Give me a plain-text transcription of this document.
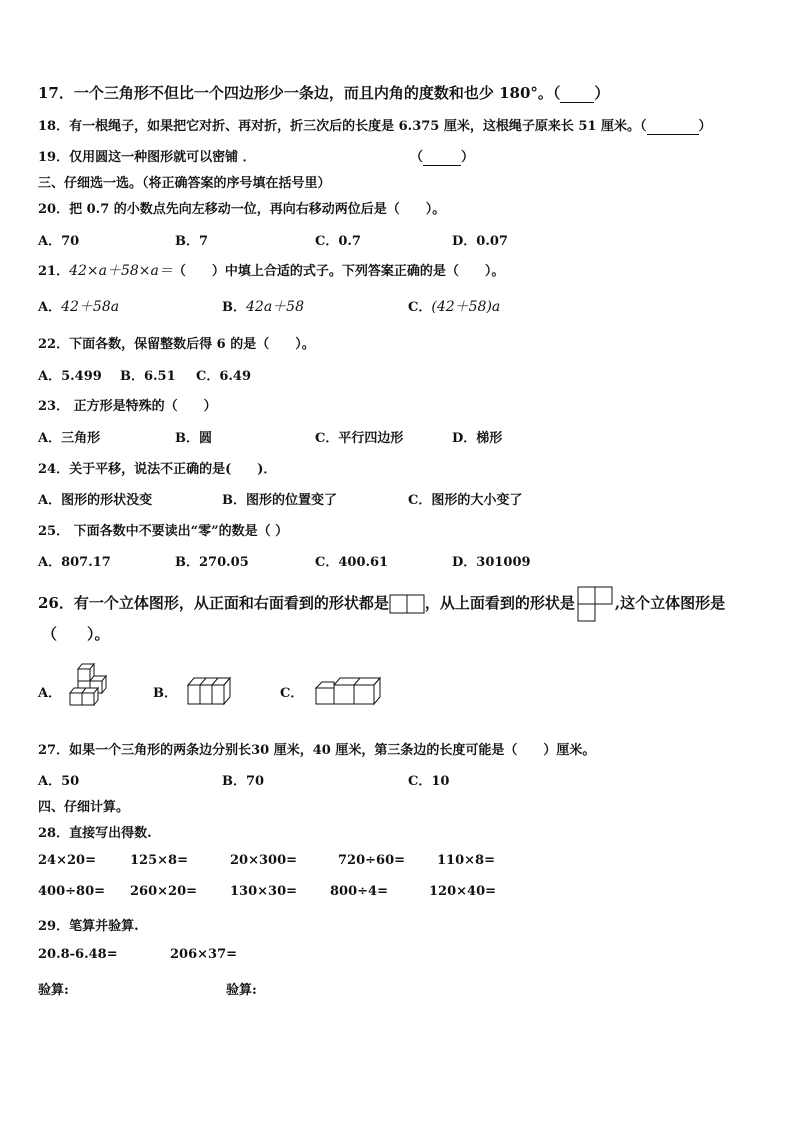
17．一个三角形不但比一个四边形少一条边，而且内角的度数和也少 180°。（ ）
18．有一根绳子，如果把它对折、再对折，折三次后的长度是 6.375 厘米，这根绳子原来长 51 厘米。（	）
19．仅用圆这一种图形就可以密铺 ．	（	）
三、仔细选一选。（将正确答案的序号填在括号里）
20．把 0.7 的小数点先向左移动一位，再向右移动两位后是（　　）。
A．70	B．7	C．0.7	D．0.07
21．42×a＋58×a＝（　　）中填上合适的式子。下列答案正确的是（　　）。
A．42＋58a	B．42a＋58	C．(42＋58)a
22．下面各数，保留整数后得 6 的是（　　）。
A．5.499 B．6.51 C．6.49
23． 正方形是特殊的（　　）
A．三角形	B．圆	C．平行四边形	D．梯形
24．关于平移，说法不正确的是(　　)．
A．图形的形状没变	B．图形的位置变了	C．图形的大小变了
25． 下面各数中不要读出“零”的数是（ ）
A．807.17	B．270.05	C．400.61	D．301009
26．有一个立体图形，从正面和右面看到的形状都是 ，从上面看到的形状是	,这个立体图形是
（　　）。
A．	B．	C．
27．如果一个三角形的两条边分别长30 厘米，40 厘米，第三条边的长度可能是（　　）厘米。
A．50	B．70	C．10
四、仔细计算。
28．直接写出得数.
24×20=	125×8=	20×300=	720÷60= 110×8=
400÷80= 260×20=	130×30=	800÷4=	120×40=
29．笔算并验算.
20.8-6.48=	206×37=
验算:	验算:
